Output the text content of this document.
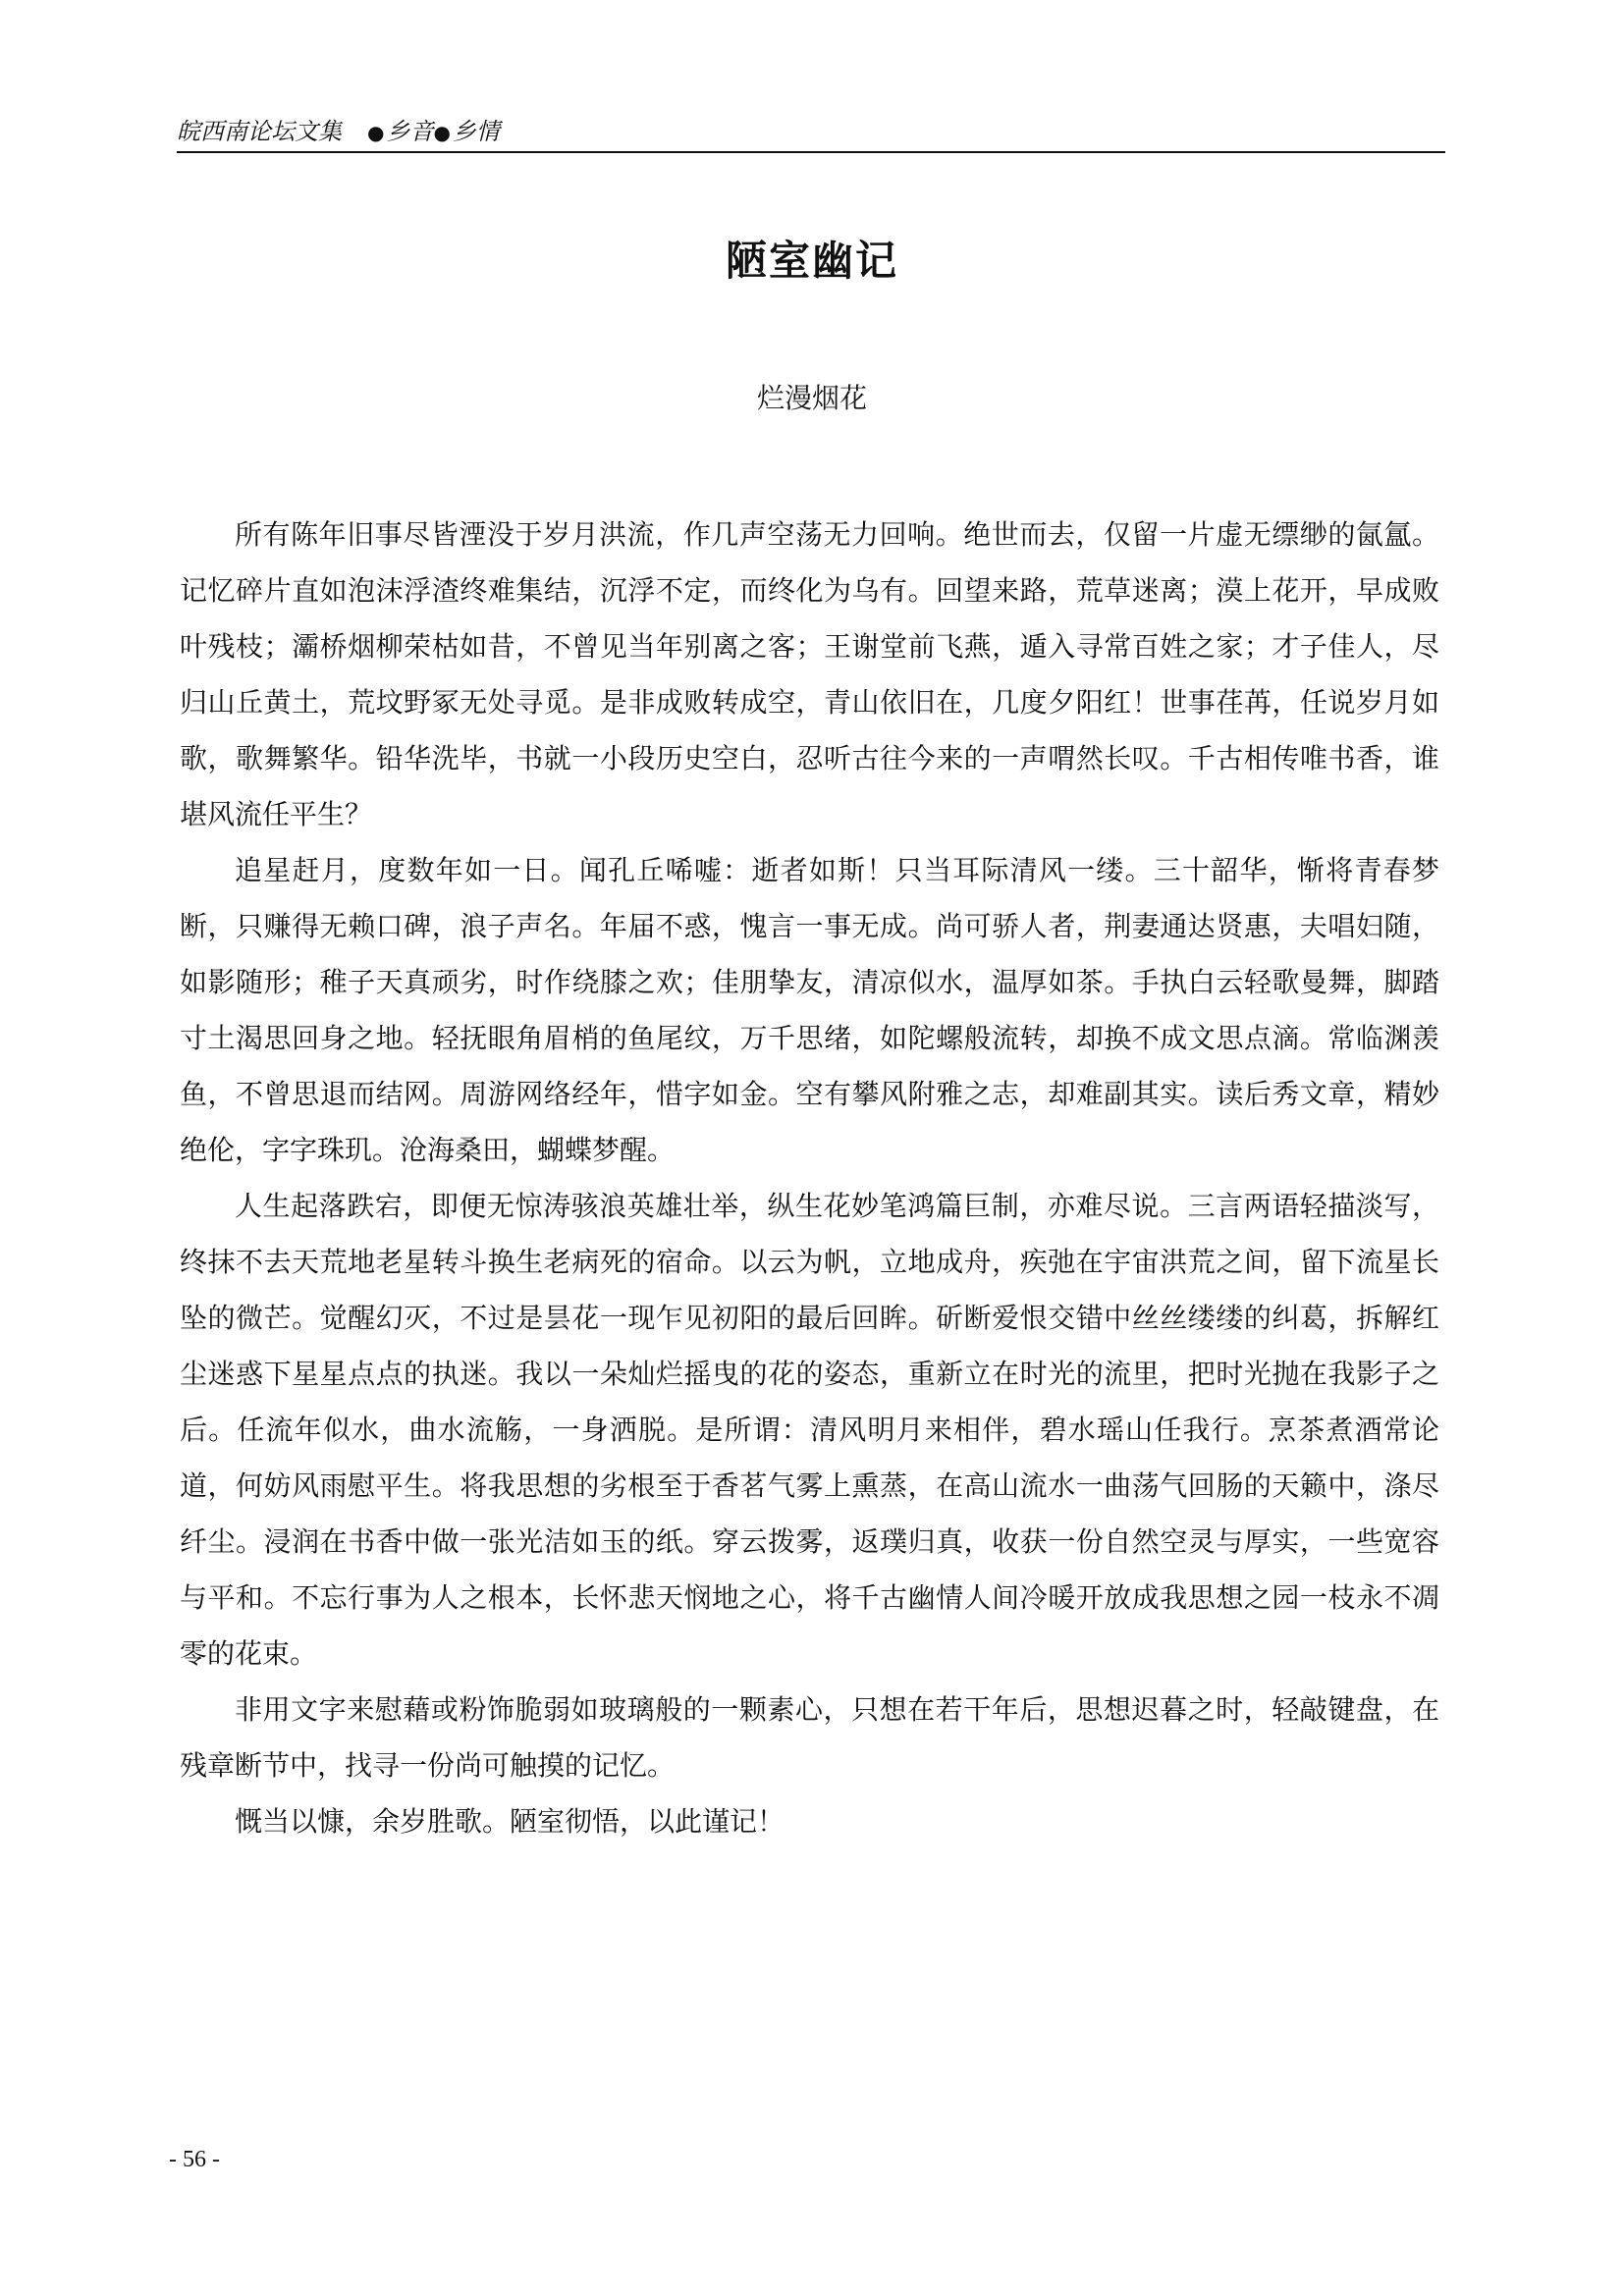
皖西南论坛文集 ●乡音●乡情
陋室幽记
烂漫烟花

所有陈年旧事尽皆湮没于岁月洪流，作几声空荡无力回响。绝世而去，仅留一片虚无缥缈的氤氲。记忆碎片直如泡沫浮渣终难集结，沉浮不定，而终化为乌有。回望来路，荒草迷离；漠上花开，早成败叶残枝；灞桥烟柳荣枯如昔，不曾见当年别离之客；王谢堂前飞燕，遁入寻常百姓之家；才子佳人，尽归山丘黄土，荒坟野冢无处寻觅。是非成败转成空，青山依旧在，几度夕阳红！世事荏苒，任说岁月如歌，歌舞繁华。铅华洗毕，书就一小段历史空白，忍听古往今来的一声喟然长叹。千古相传唯书香，谁堪风流任平生？

追星赶月，度数年如一日。闻孔丘唏嘘：逝者如斯！只当耳际清风一缕。三十韶华，惭将青春梦断，只赚得无赖口碑，浪子声名。年届不惑，愧言一事无成。尚可骄人者，荆妻通达贤惠，夫唱妇随，如影随形；稚子天真顽劣，时作绕膝之欢；佳朋挚友，清凉似水，温厚如茶。手执白云轻歌曼舞，脚踏寸土渴思回身之地。轻抚眼角眉梢的鱼尾纹，万千思绪，如陀螺般流转，却换不成文思点滴。常临渊羡鱼，不曾思退而结网。周游网络经年，惜字如金。空有攀风附雅之志，却难副其实。读后秀文章，精妙绝伦，字字珠玑。沧海桑田，蝴蝶梦醒。

人生起落跌宕，即便无惊涛骇浪英雄壮举，纵生花妙笔鸿篇巨制，亦难尽说。三言两语轻描淡写，终抹不去天荒地老星转斗换生老病死的宿命。以云为帆，立地成舟，疾弛在宇宙洪荒之间，留下流星长坠的微芒。觉醒幻灭，不过是昙花一现乍见初阳的最后回眸。斫断爱恨交错中丝丝缕缕的纠葛，拆解红尘迷惑下星星点点的执迷。我以一朵灿烂摇曳的花的姿态，重新立在时光的流里，把时光抛在我影子之后。任流年似水，曲水流觞，一身洒脱。是所谓：清风明月来相伴，碧水瑶山任我行。烹茶煮酒常论道，何妨风雨慰平生。将我思想的劣根至于香茗气雾上熏蒸，在高山流水一曲荡气回肠的天籁中，涤尽纤尘。浸润在书香中做一张光洁如玉的纸。穿云拨雾，返璞归真，收获一份自然空灵与厚实，一些宽容与平和。不忘行事为人之根本，长怀悲天悯地之心，将千古幽情人间冷暖开放成我思想之园一枝永不凋零的花束。

非用文字来慰藉或粉饰脆弱如玻璃般的一颗素心，只想在若干年后，思想迟暮之时，轻敲键盘，在残章断节中，找寻一份尚可触摸的记忆。

慨当以慷，余岁胜歌。陋室彻悟，以此谨记！

- 56 -
